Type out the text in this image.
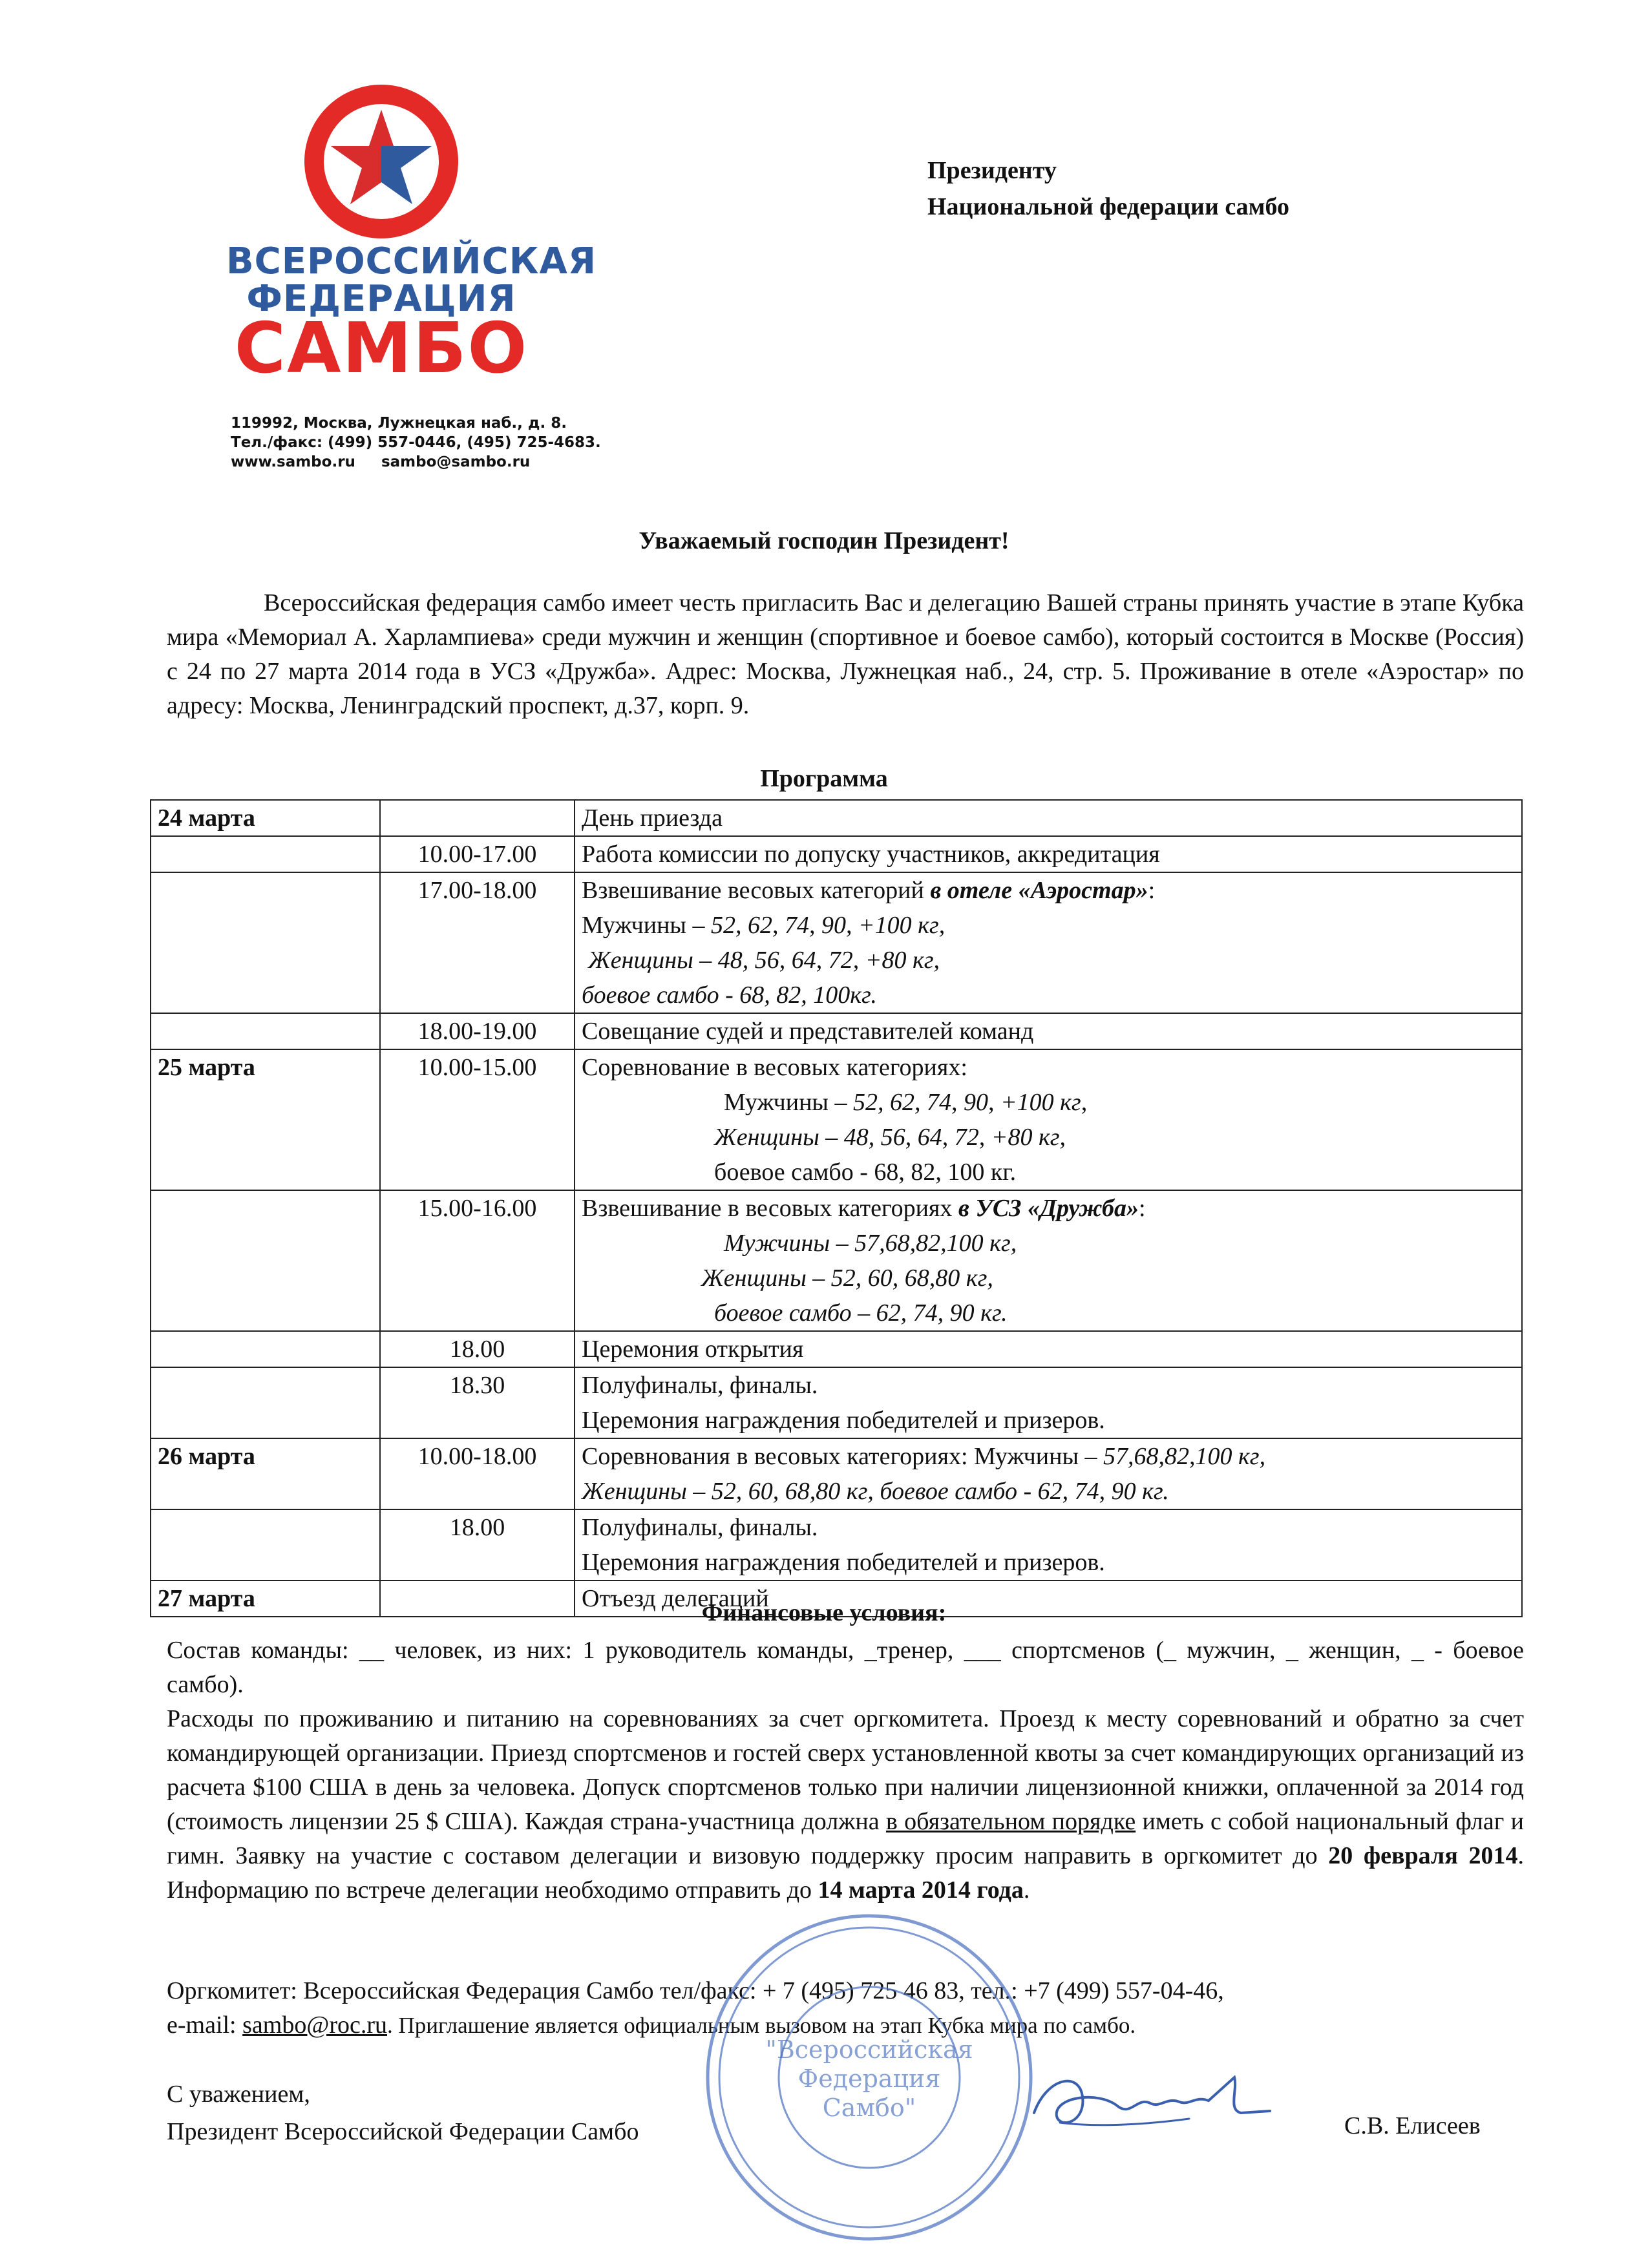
ВСЕРОССИЙСКАЯ
ФЕДЕРАЦИЯ
САМБО
119992, Москва, Лужнецкая наб., д. 8.
Тел./факс: (499) 557-0446, (495) 725-4683.
www.sambo.ru sambo@sambo.ru
Президенту
Национальной федерации самбо
Уважаемый господин Президент!
Всероссийская федерация самбо имеет честь пригласить Вас и делегацию Вашей страны принять участие в этапе Кубка мира «Мемориал А. Харлампиева» среди мужчин и женщин (спортивное и боевое самбо), который состоится в Москве (Россия) с 24 по 27 марта 2014 года в УСЗ «Дружба». Адрес: Москва, Лужнецкая наб., 24, стр. 5. Проживание в отеле «Аэростар» по адресу: Москва, Ленинградский проспект, д.37, корп. 9.
Программа
24 марта		День приезда
	10.00-17.00	Работа комиссии по допуску участников, аккредитация
	17.00-18.00	Взвешивание весовых категорий в отеле «Аэростар»:
Мужчины – 52, 62, 74, 90, +100 кг,

Женщины – 48, 56, 64, 72, +80 кг,
боевое самбо - 68, 82, 100кг.
	18.00-19.00	Совещание судей и представителей команд
25 марта	10.00-15.00	Соревнование в весовых категориях:

Мужчины – 52, 62, 74, 90, +100 кг,
Женщины – 48, 56, 64, 72, +80 кг,
боевое самбо - 68, 82, 100 кг.

	15.00-16.00	Взвешивание в весовых категориях в УСЗ «Дружба»:

Мужчины – 57,68,82,100 кг,
Женщины – 52, 60, 68,80 кг,
боевое самбо – 62, 74, 90 кг.

	18.00	Церемония открытия
	18.30	Полуфиналы, финалы.
Церемония награждения победителей и призеров.
26 марта	10.00-18.00	Соревнования в весовых категориях: Мужчины – 57,68,82,100 кг,
Женщины – 52, 60, 68,80 кг, боевое самбо - 62, 74, 90 кг.
	18.00	Полуфиналы, финалы.
Церемония награждения победителей и призеров.
27 марта		Отъезд делегаций
Финансовые условия:

Состав команды: __ человек, из них: 1 руководитель команды, _тренер, ___ спортсменов (_ мужчин, _ женщин, _ - боевое самбо).

Расходы по проживанию и питанию на соревнованиях за счет оргкомитета. Проезд к месту соревнований и обратно за счет командирующей организации. Приезд спортсменов и гостей сверх установленной квоты за счет командирующих организаций из расчета $100 США в день за человека. Допуск спортсменов только при наличии лицензионной книжки, оплаченной за 2014 год (стоимость лицензии 25 $ США). Каждая страна-участница должна в обязательном порядке иметь с собой национальный флаг и гимн. Заявку на участие с составом делегации и визовую поддержку просим направить в оргкомитет до 20 февраля 2014. Информацию по встрече делегации необходимо отправить до 14 марта 2014 года.

Оргкомитет: Всероссийская Федерация Самбо тел/факс: + 7 (495) 725 46 83, тел.: +7 (499) 557-04-46,

e-mail: sambo@roc.ru. Приглашение является официальным вызовом на этап Кубка мира по самбо.

С уважением,
Президент Всероссийской Федерации Самбо	С.В. Елисеев
"Всероссийская
Федерация
Самбо"
